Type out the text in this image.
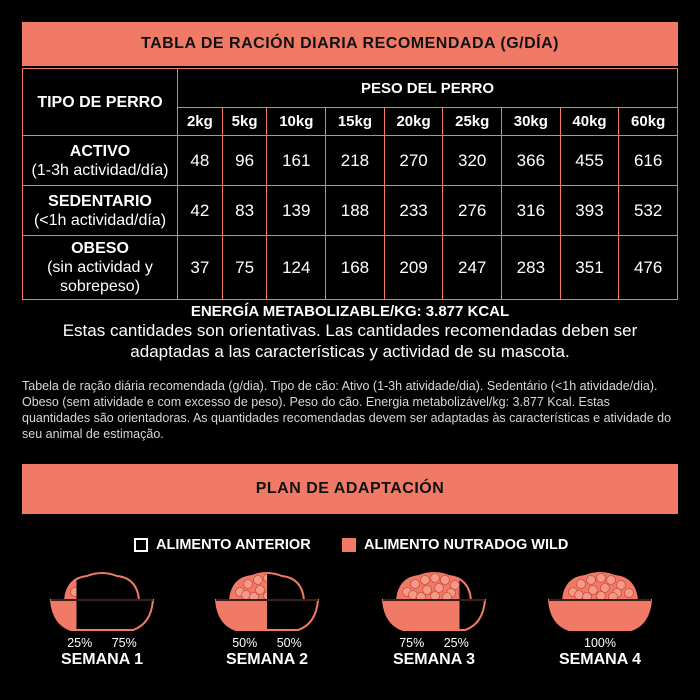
TABLA DE RACIÓN DIARIA RECOMENDADA (G/DÍA)
TIPO DE PERRO	PESO DEL PERRO								
	2kg	5kg	10kg	15kg	20kg	25kg	30kg	40kg	60kg
ACTIVO
(1-3h actividad/día)	48	96	161	218	270	320	366	455	616
SEDENTARIO
(<1h actividad/día)	42	83	139	188	233	276	316	393	532
OBESO
(sin actividad y sobrepeso)	37	75	124	168	209	247	283	351	476
ENERGÍA METABOLIZABLE/KG: 3.877 KCAL
Estas cantidades son orientativas. Las cantidades recomendadas deben ser adaptadas a las características y actividad de su mascota.
Tabela de ração diária recomendada (g/dia). Tipo de cão: Ativo (1-3h atividade/dia). Sedentário (<1h atividade/dia). Obeso (sem atividade e com excesso de peso). Peso do cão. Energia metabolizável/kg: 3.877 Kcal. Estas quantidades são orientadoras. As quantidades recomendadas devem ser adaptadas às características e atividade do seu animal de estimação.
PLAN DE ADAPTACIÓN
ALIMENTO ANTERIOR	ALIMENTO NUTRADOG WILD
25% 75%
SEMANA 1
50% 50%
SEMANA 2
75% 25%
SEMANA 3
100%
SEMANA 4
